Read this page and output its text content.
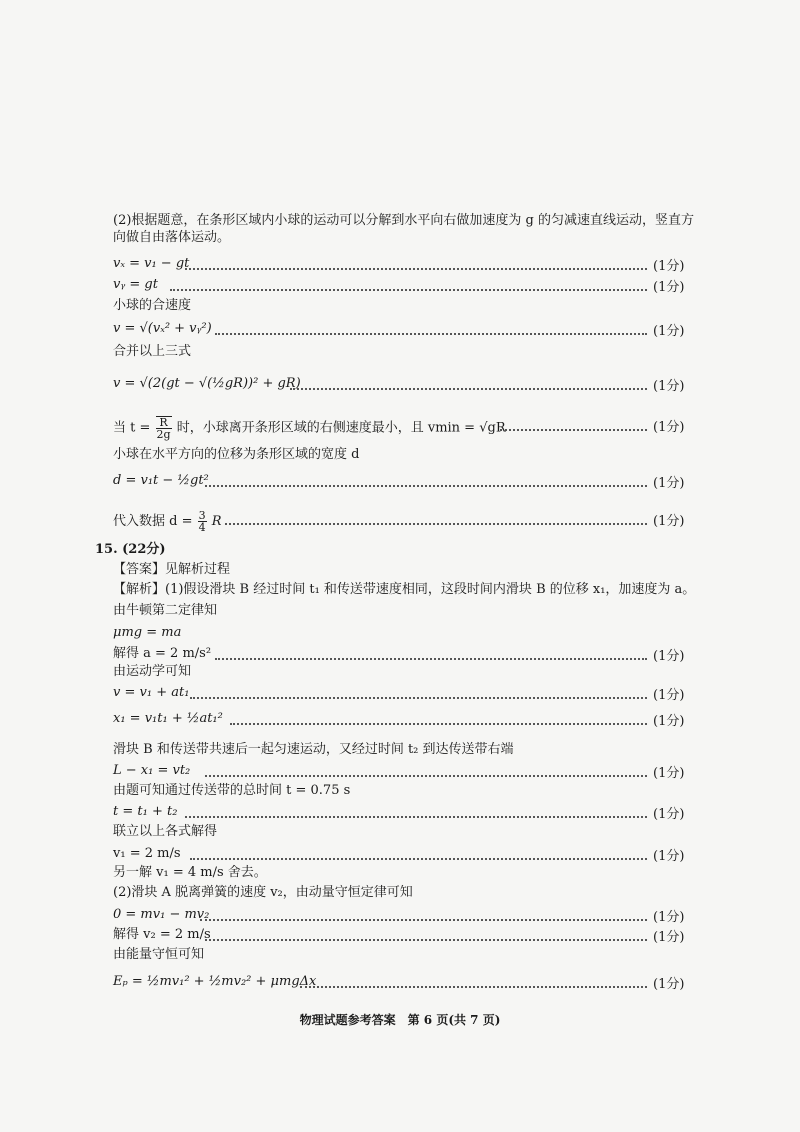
(2)根据题意，在条形区域内小球的运动可以分解到水平向右做加速度为 g 的匀减速直线运动，竖直方向做自由落体运动。
vₓ = v₁ − gt	(1分)
vᵧ = gt	(1分)
小球的合速度
v = √(vₓ² + vᵧ²)	(1分)
合并以上三式
v = √(2(gt − √(½gR))² + gR)	(1分)
当 $t = \frac{R}{2g}$ 时，小球离开条形区域的右侧速度最小，且 vmin = √gR	(1分)
小球在水平方向的位移为条形区域的宽度 d
d = v₁t − ½gt²	(1分)
代入数据 $d = \frac{3}{4}$ R	(1分)
15. (22分)
【答案】见解析过程
【解析】(1)假设滑块 B 经过时间 t₁ 和传送带速度相同，这段时间内滑块 B 的位移 x₁，加速度为 a。
由牛顿第二定律知
μmg = ma
解得 a = 2 m/s²	(1分)
由运动学可知
v = v₁ + at₁	(1分)
x₁ = v₁t₁ + ½at₁²	(1分)
滑块 B 和传送带共速后一起匀速运动，又经过时间 t₂ 到达传送带右端
L − x₁ = vt₂	(1分)
由题可知通过传送带的总时间 t = 0.75 s
t = t₁ + t₂	(1分)
联立以上各式解得
v₁ = 2 m/s	(1分)
另一解 v₁ = 4 m/s 舍去。
(2)滑块 A 脱离弹簧的速度 v₂，由动量守恒定律可知
0 = mv₁ − mv₂	(1分)
解得 v₂ = 2 m/s	(1分)
由能量守恒可知
Eₚ = ½mv₁² + ½mv₂² + μmgΔx	(1分)
物理试题参考答案　第 6 页(共 7 页)
